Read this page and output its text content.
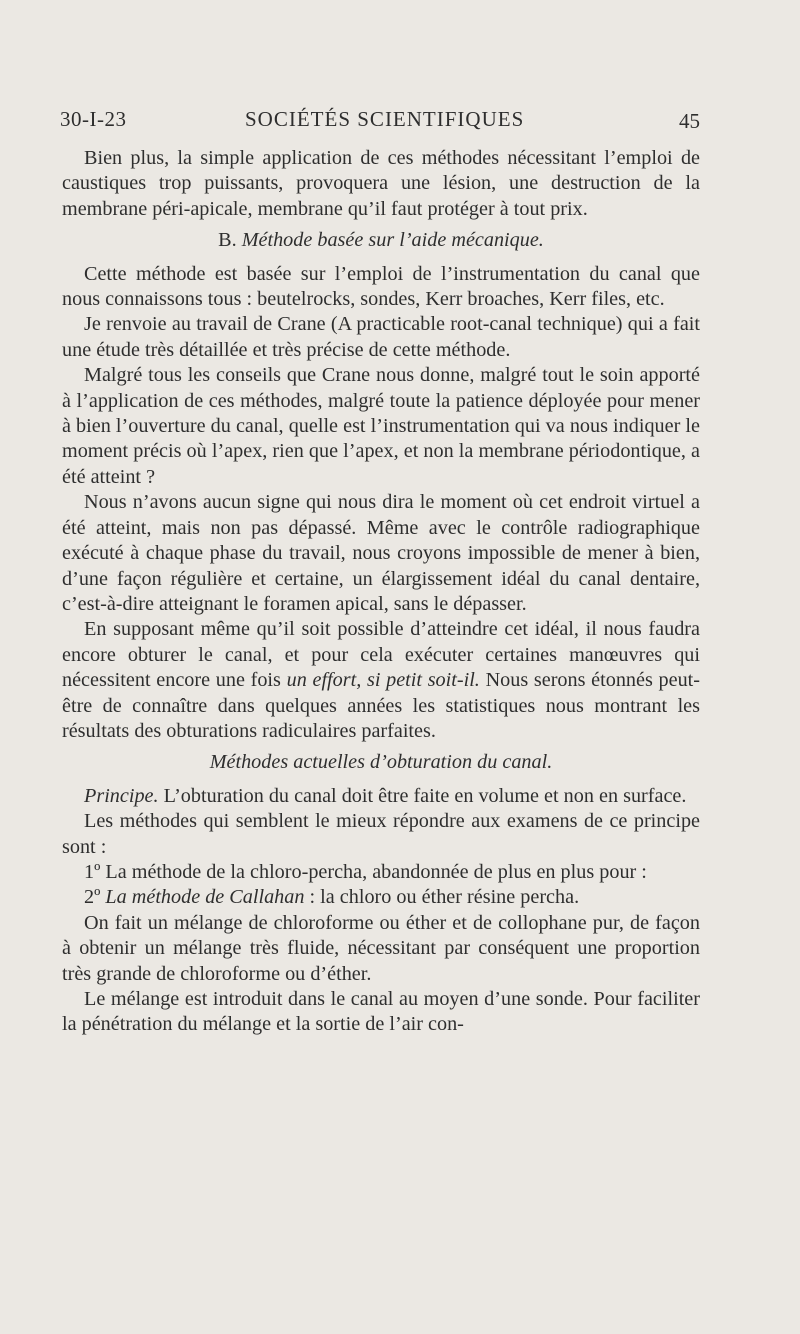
30-I-23	SOCIÉTÉS SCIENTIFIQUES	45

Bien plus, la simple application de ces méthodes nécessitant l’emploi de caustiques trop puissants, provoquera une lésion, une destruction de la membrane péri-apicale, membrane qu’il faut protéger à tout prix.

B. Méthode basée sur l’aide mécanique.

Cette méthode est basée sur l’emploi de l’instrumentation du canal que nous connaissons tous : beutelrocks, sondes, Kerr broaches, Kerr files, etc.

Je renvoie au travail de Crane (A practicable root-canal technique) qui a fait une étude très détaillée et très précise de cette méthode.

Malgré tous les conseils que Crane nous donne, malgré tout le soin apporté à l’application de ces méthodes, malgré toute la patience déployée pour mener à bien l’ouverture du canal, quelle est l’instrumentation qui va nous indiquer le moment précis où l’apex, rien que l’apex, et non la membrane périodontique, a été atteint ?

Nous n’avons aucun signe qui nous dira le moment où cet endroit virtuel a été atteint, mais non pas dépassé. Même avec le contrôle radiographique exécuté à chaque phase du travail, nous croyons impossible de mener à bien, d’une façon régulière et certaine, un élargissement idéal du canal dentaire, c’est-à-dire atteignant le foramen apical, sans le dépasser.

En supposant même qu’il soit possible d’atteindre cet idéal, il nous faudra encore obturer le canal, et pour cela exécuter certaines manœuvres qui nécessitent encore une fois un effort, si petit soit-il. Nous serons étonnés peut-être de connaître dans quelques années les statistiques nous montrant les résultats des obturations radiculaires parfaites.

Méthodes actuelles d’obturation du canal.

Principe. L’obturation du canal doit être faite en volume et non en surface.

Les méthodes qui semblent le mieux répondre aux examens de ce principe sont :

1º La méthode de la chloro-percha, abandonnée de plus en plus pour :

2º La méthode de Callahan : la chloro ou éther résine percha.

On fait un mélange de chloroforme ou éther et de collophane pur, de façon à obtenir un mélange très fluide, nécessitant par conséquent une proportion très grande de chloroforme ou d’éther.

Le mélange est introduit dans le canal au moyen d’une sonde. Pour faciliter la pénétration du mélange et la sortie de l’air con-
